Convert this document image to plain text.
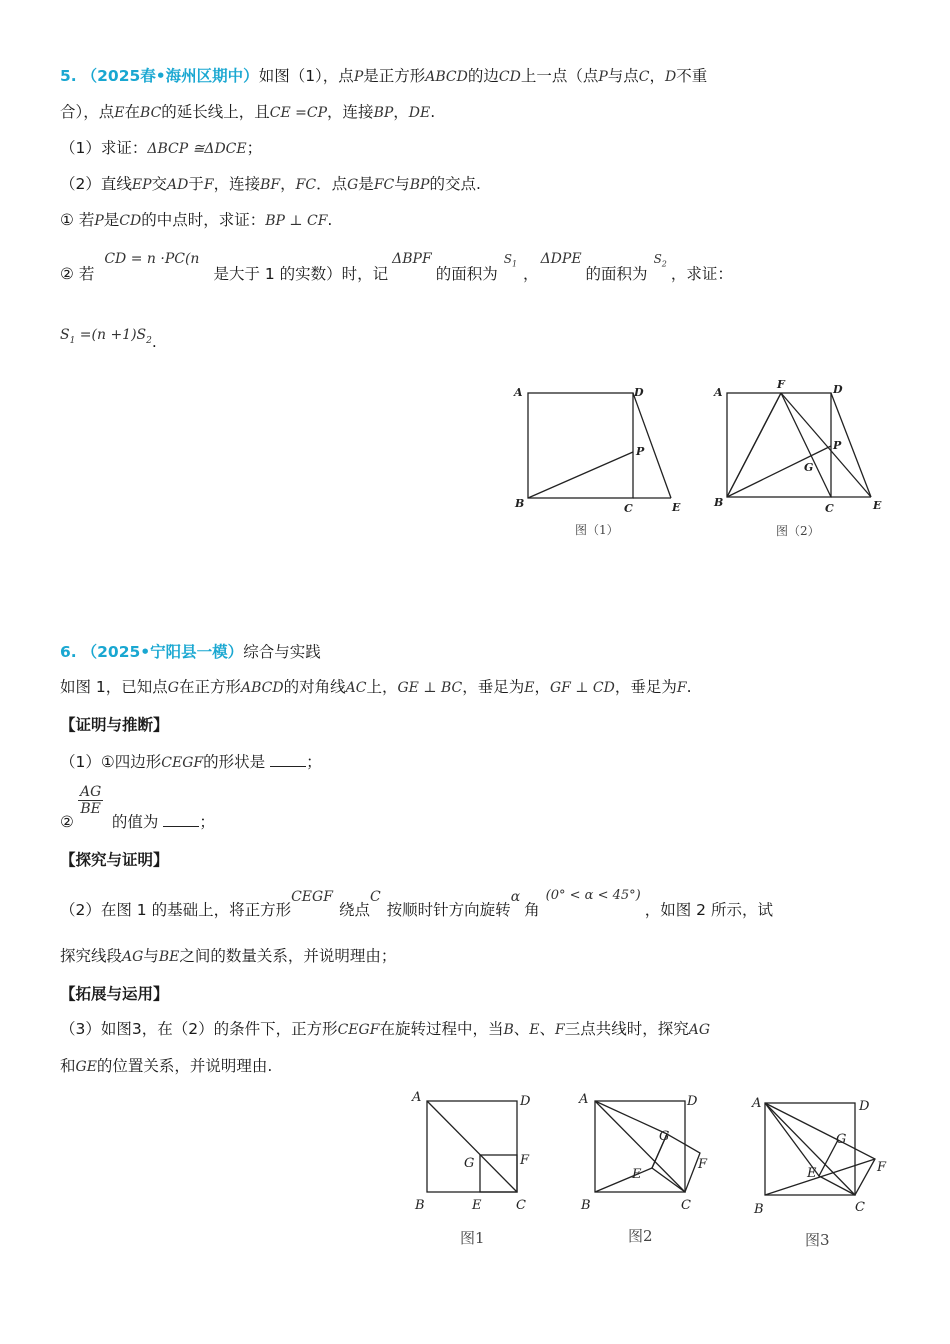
5. （2025春•海州区期中）如图（1），点P是正方形ABCD的边CD上一点（点P与点C，D不重
合），点E在BC的延长线上，且CE =CP，连接BP，DE.
（1）求证：ΔBCP ≅ΔDCE；
（2）直线EP交AD于F，连接BF，FC．点G是FC与BP的交点.
① 若P是CD的中点时，求证：BP ⊥ CF.
② 若CD = n ·PC(n是大于 1 的实数）时，记ΔBPF的面积为$^{S_1}$，ΔDPE的面积为$^{S_2}$，求证：
$S_1 =(n +1)S_2$.
A	D
P
B	C	E
A
F	D
P
G
B	C	E
图（1）	图（2）
6. （2025•宁阳县一模）综合与实践
如图 1，已知点G在正方形ABCD的对角线AC上，GE ⊥ BC，垂足为E，GF ⊥ CD，垂足为F.
【证明与推断】
（1）①四边形CEGF的形状是	；
$\frac{AG}{BE}$
② 的值为	；
【探究与证明】
（2）在图 1 的基础上，将正方形CEGF绕点C按顺时针方向旋转α角$^{(0^\circ < \alpha < 45^\circ)}$，如图 2 所示，试
探究线段AG与BE之间的数量关系，并说明理由；
【拓展与运用】
（3）如图3，在（2）的条件下，正方形CEGF在旋转过程中，当B、E、F三点共线时，探究AG
和GE的位置关系，并说明理由.
A	D
G	F
B	E	C
A	D
G
F
E
B	C
A	D
G
F
E
B	C
图1	图2	图3
